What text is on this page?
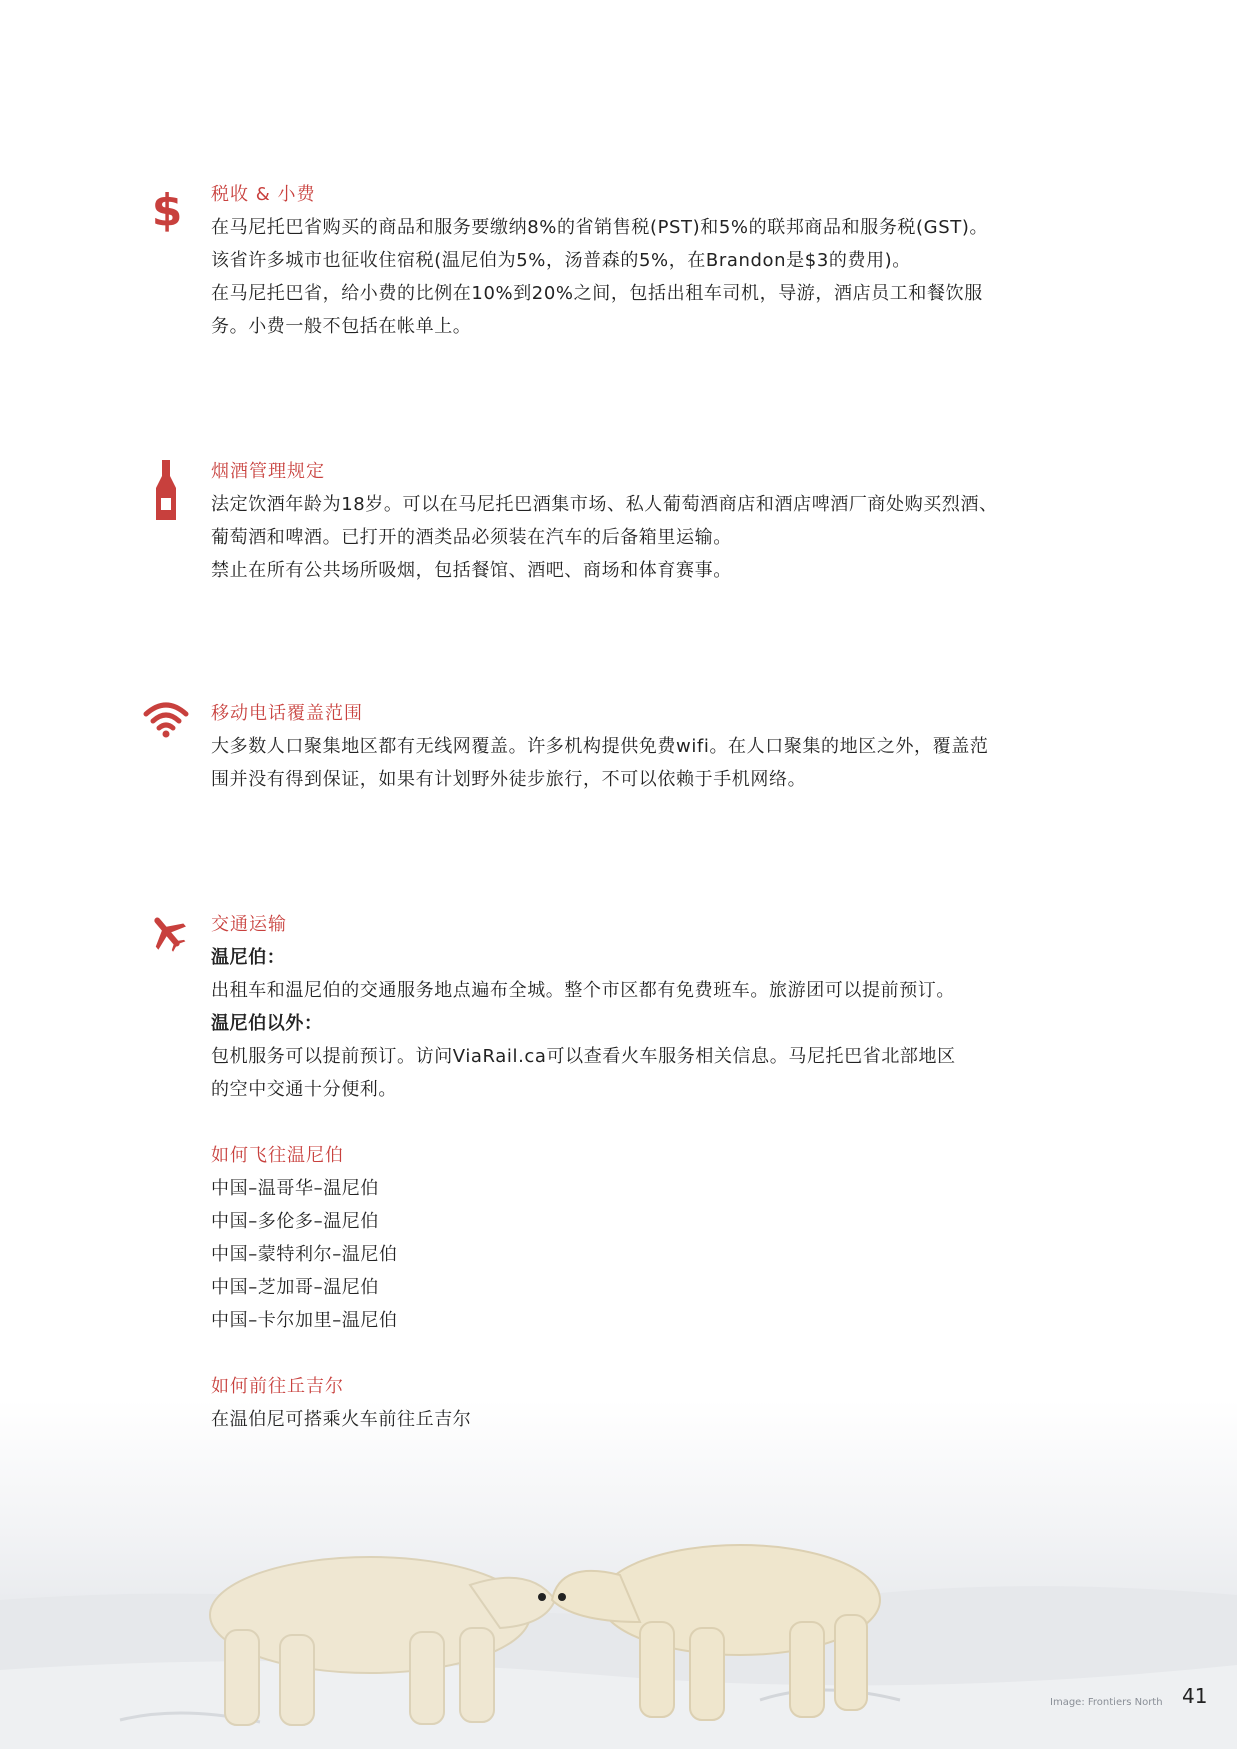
$ 税收 & 小费
在马尼托巴省购买的商品和服务要缴纳8%的省销售税(PST)和5%的联邦商品和服务税(GST)。
该省许多城市也征收住宿税(温尼伯为5%，汤普森的5%，在Brandon是$3的费用)。
在马尼托巴省，给小费的比例在10%到20%之间，包括出租车司机，导游，酒店员工和餐饮服
务。小费一般不包括在帐单上。
烟酒管理规定
法定饮酒年龄为18岁。可以在马尼托巴酒集市场、私人葡萄酒商店和酒店啤酒厂商处购买烈酒、
葡萄酒和啤酒。已打开的酒类品必须装在汽车的后备箱里运输。
禁止在所有公共场所吸烟，包括餐馆、酒吧、商场和体育赛事。
移动电话覆盖范围
大多数人口聚集地区都有无线网覆盖。许多机构提供免费wifi。在人口聚集的地区之外，覆盖范
围并没有得到保证，如果有计划野外徒步旅行，不可以依赖于手机网络。
交通运输
温尼伯：
出租车和温尼伯的交通服务地点遍布全城。整个市区都有免费班车。旅游团可以提前预订。
温尼伯以外：
包机服务可以提前预订。访问ViaRail.ca可以查看火车服务相关信息。马尼托巴省北部地区
的空中交通十分便利。
如何飞往温尼伯
中国–温哥华–温尼伯
中国–多伦多–温尼伯
中国–蒙特利尔–温尼伯
中国–芝加哥–温尼伯
中国–卡尔加里–温尼伯
如何前往丘吉尔
在温伯尼可搭乘火车前往丘吉尔
Image: Frontiers North 41
